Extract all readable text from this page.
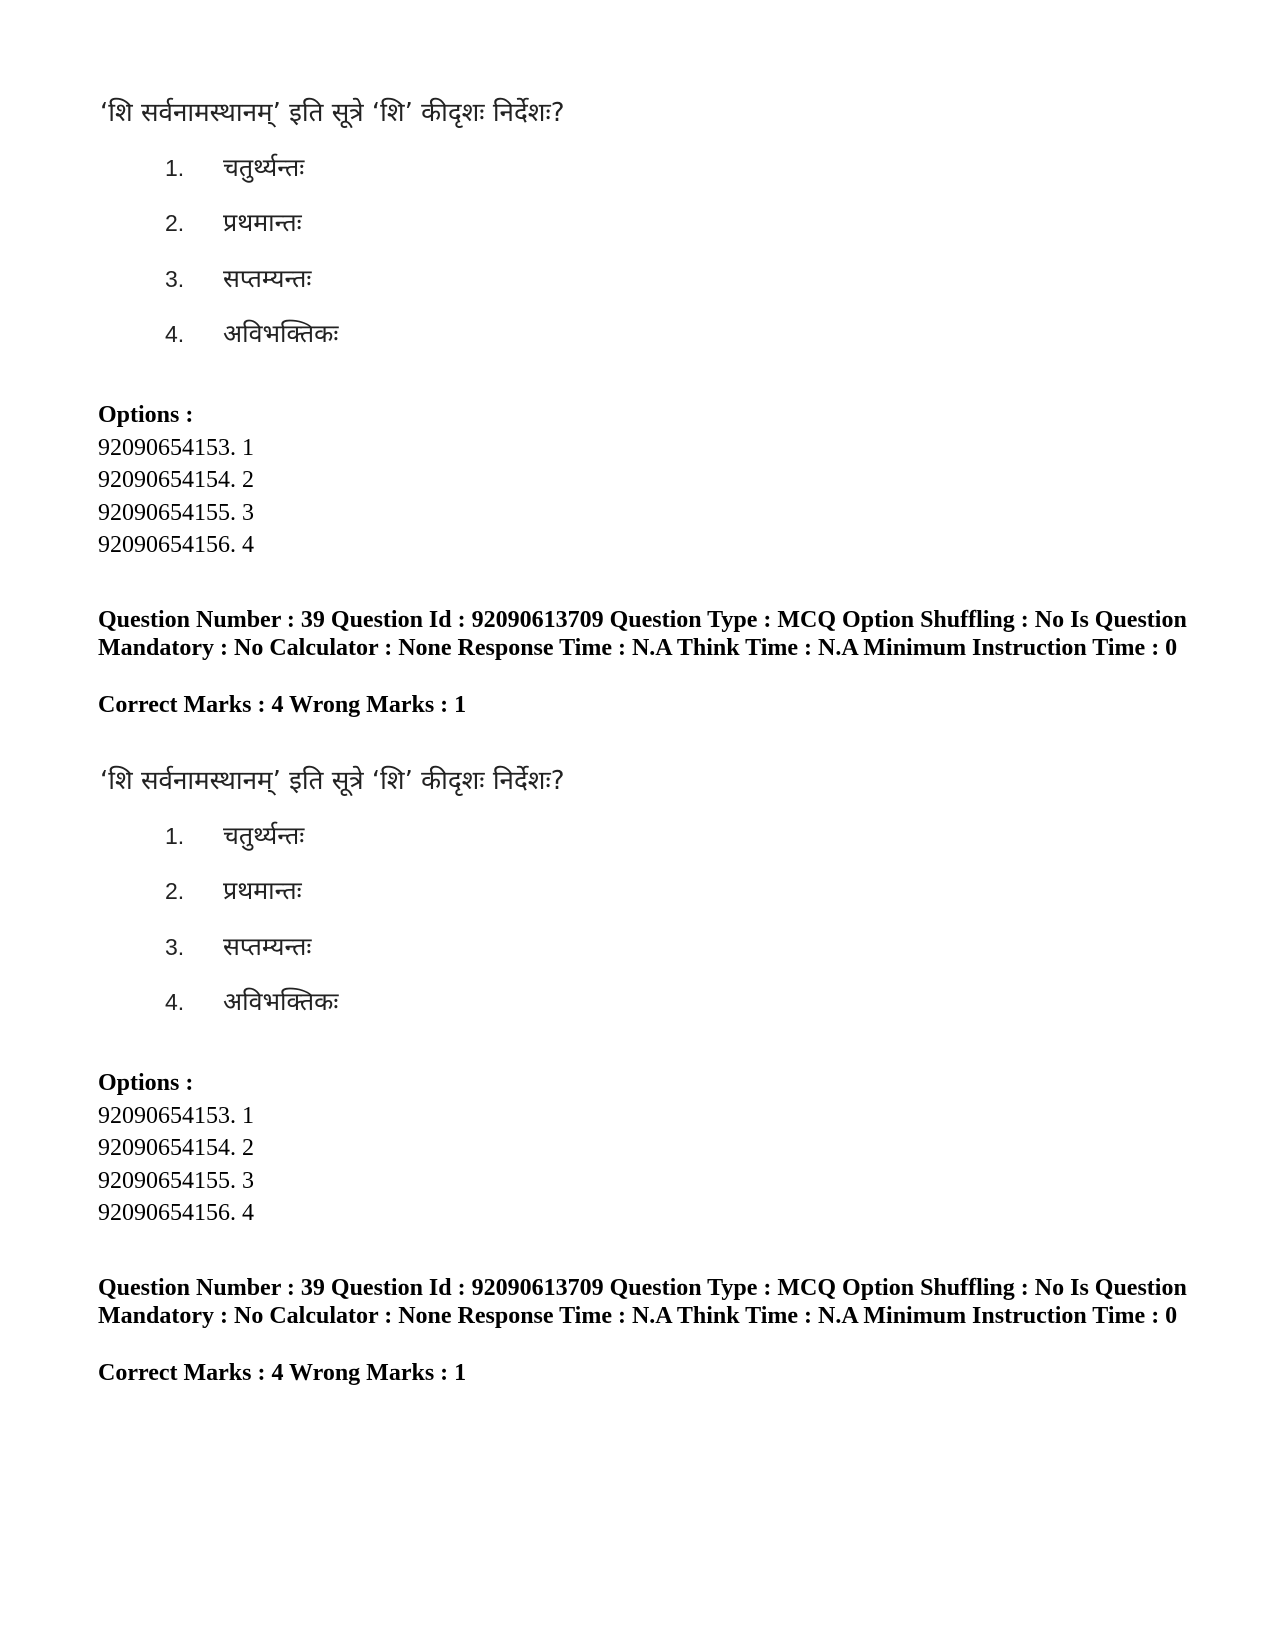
‘शि सर्वनामस्थानम्’ इति सूत्रे ‘शि’ कीदृशः निर्देशः?
1. चतुर्थ्यन्तः
2. प्रथमान्तः
3. सप्तम्यन्तः
4. अविभक्तिकः
Options :
92090654153. 1
92090654154. 2
92090654155. 3
92090654156. 4
Question Number : 39 Question Id : 92090613709 Question Type : MCQ Option Shuffling : No Is Question Mandatory : No Calculator : None Response Time : N.A Think Time : N.A Minimum Instruction Time : 0
Correct Marks : 4 Wrong Marks : 1
‘शि सर्वनामस्थानम्’ इति सूत्रे ‘शि’ कीदृशः निर्देशः?
1. चतुर्थ्यन्तः
2. प्रथमान्तः
3. सप्तम्यन्तः
4. अविभक्तिकः
Options :
92090654153. 1
92090654154. 2
92090654155. 3
92090654156. 4
Question Number : 39 Question Id : 92090613709 Question Type : MCQ Option Shuffling : No Is Question Mandatory : No Calculator : None Response Time : N.A Think Time : N.A Minimum Instruction Time : 0
Correct Marks : 4 Wrong Marks : 1
